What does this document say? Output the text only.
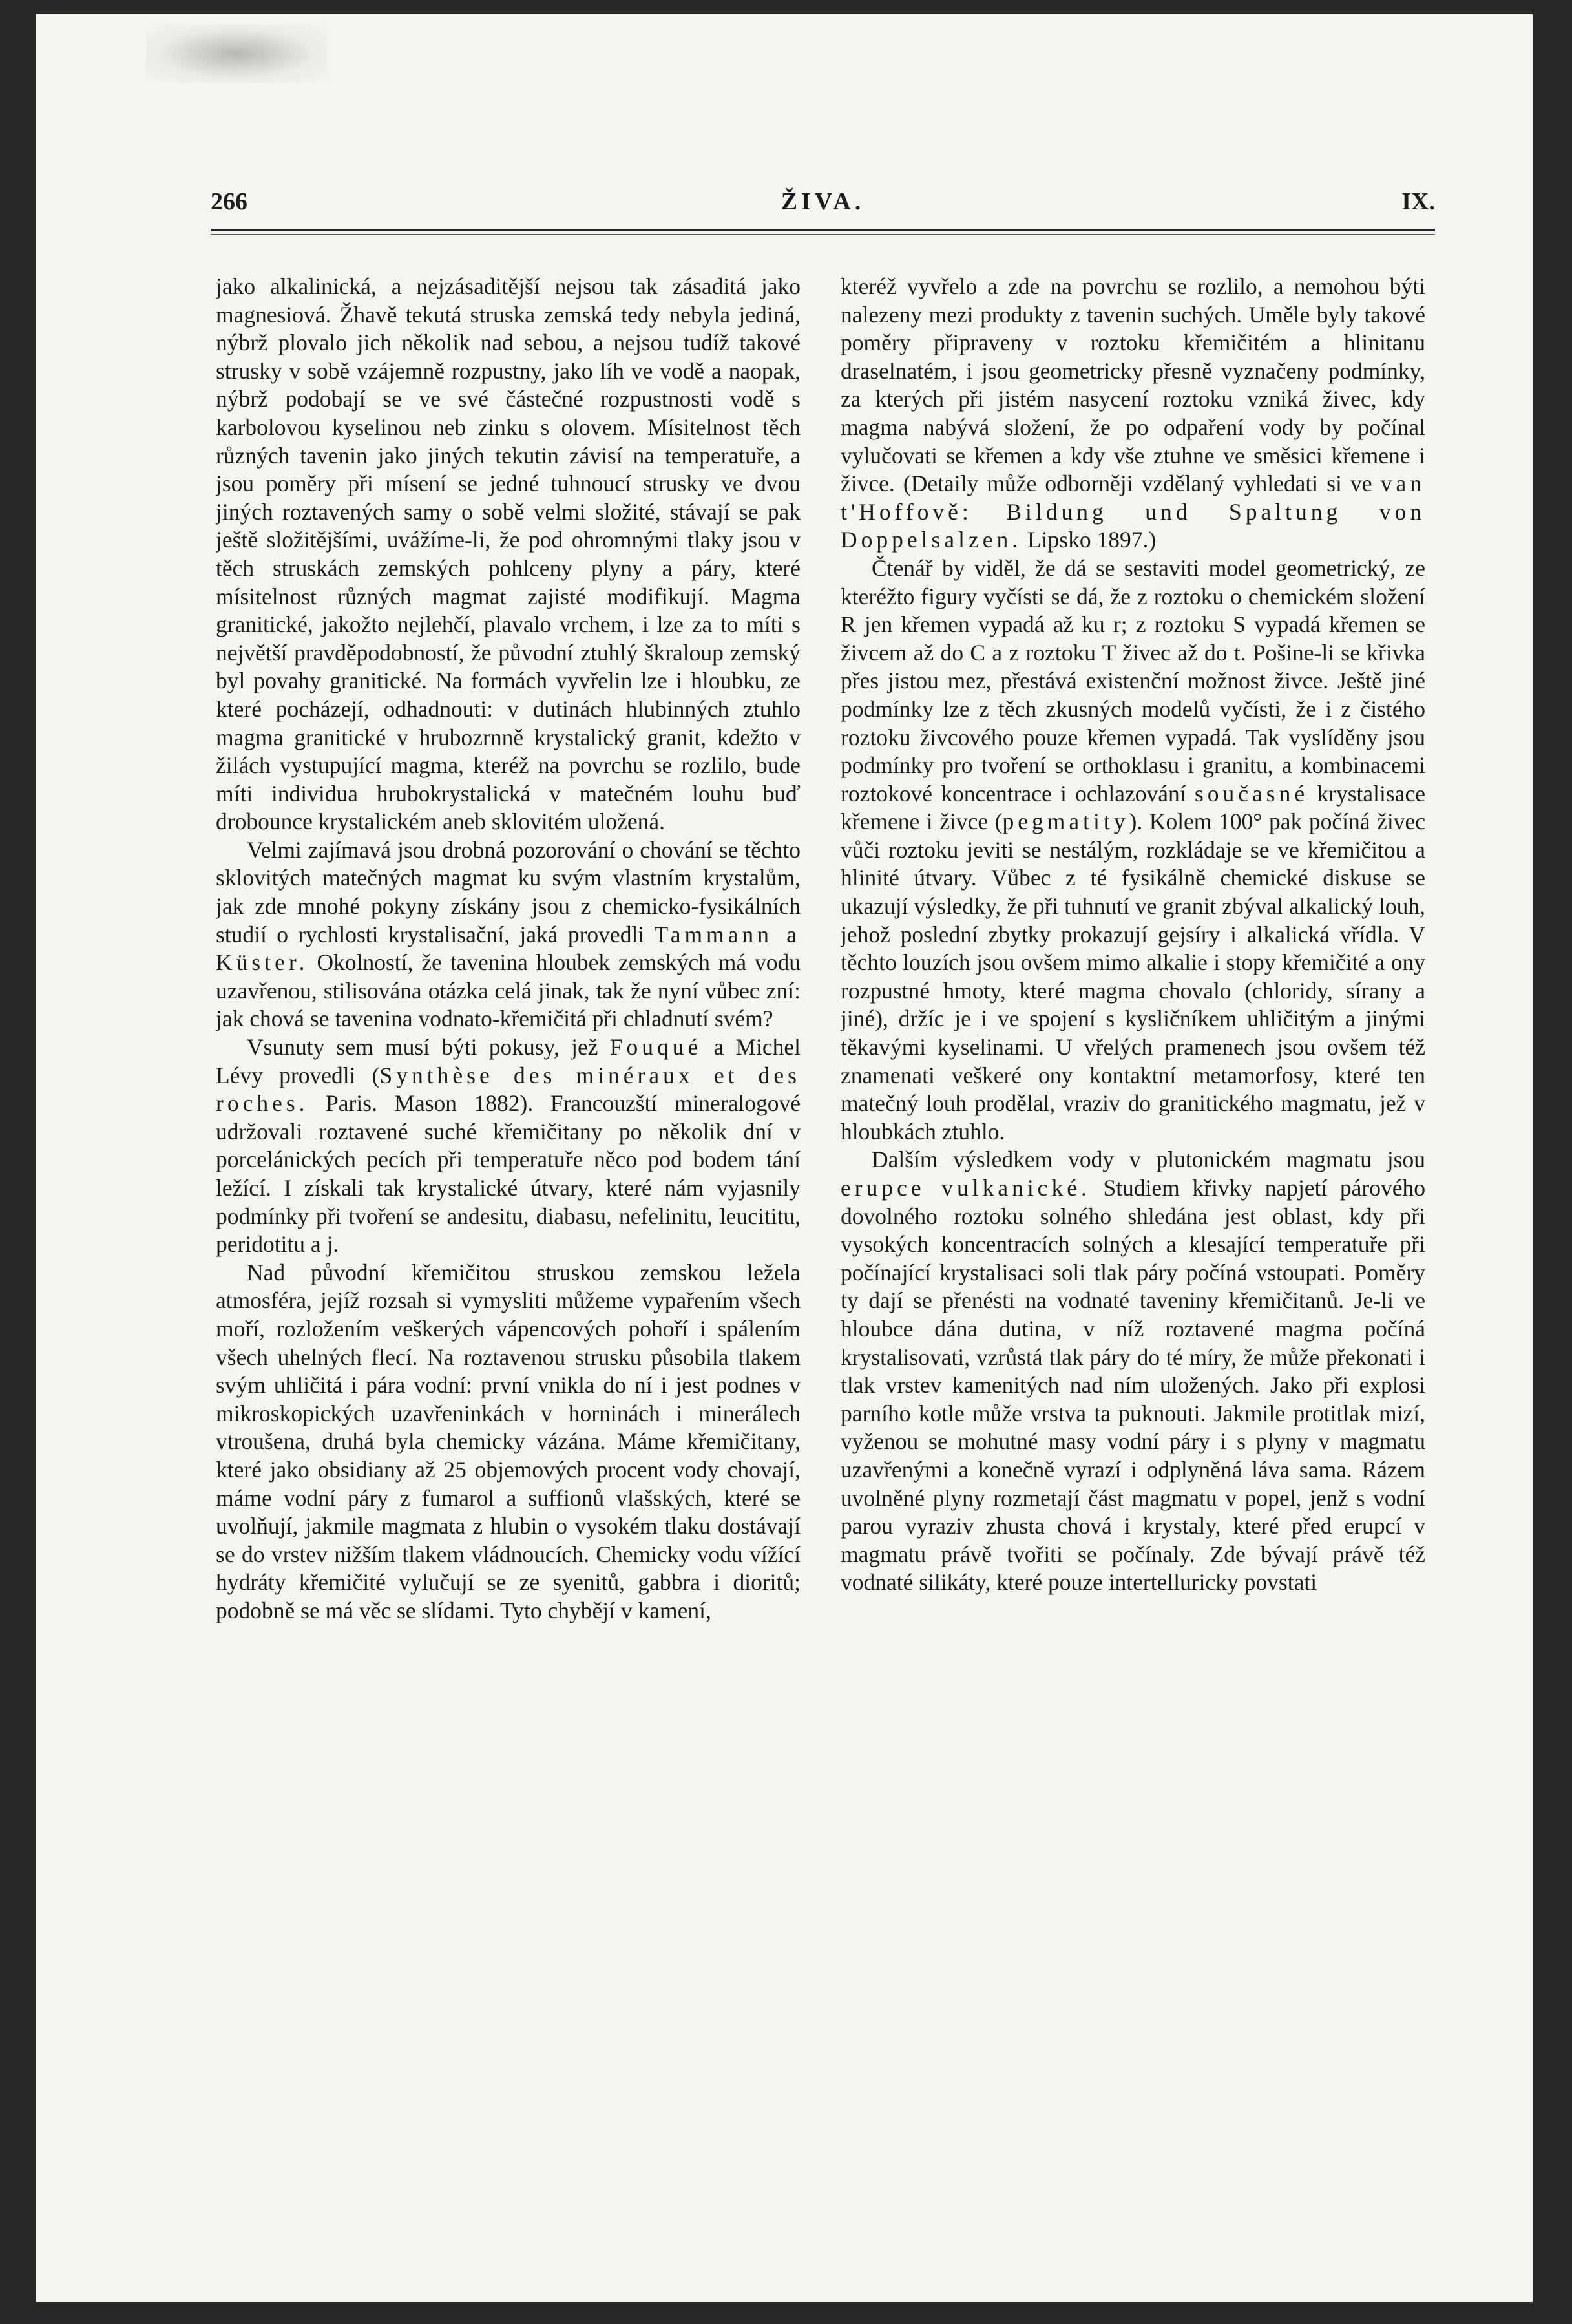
266	ŽIVA.	IX.

jako alkalinická, a nejzásaditější nejsou tak zásaditá jako magnesiová. Žhavě tekutá struska zemská tedy nebyla jediná, nýbrž plovalo jich několik nad sebou, a nejsou tudíž takové strusky v sobě vzájemně rozpustny, jako líh ve vodě a naopak, nýbrž podobají se ve své částečné rozpustnosti vodě s karbolovou kyselinou neb zinku s olovem. Mísitelnost těch různých tavenin jako jiných tekutin závisí na temperatuře, a jsou poměry při mísení se jedné tuhnoucí strusky ve dvou jiných roztavených samy o sobě velmi složité, stávají se pak ještě složitějšími, uvážíme-li, že pod ohromnými tlaky jsou v těch struskách zemských pohlceny plyny a páry, které mísitelnost různých magmat zajisté modifikují. Magma granitické, jakožto nejlehčí, plavalo vrchem, i lze za to míti s největší pravděpodobností, že původní ztuhlý škraloup zemský byl povahy granitické. Na formách vyvřelin lze i hloubku, ze které pocházejí, odhadnouti: v dutinách hlubinných ztuhlo magma granitické v hrubozrnně krystalický granit, kdežto v žilách vystupující magma, kteréž na povrchu se rozlilo, bude míti individua hrubokrystalická v matečném louhu buď drobounce krystalickém aneb sklovitém uložená.

Velmi zajímavá jsou drobná pozorování o chování se těchto sklovitých matečných magmat ku svým vlastním krystalům, jak zde mnohé pokyny získány jsou z chemicko-fysikálních studií o rychlosti krystalisační, jaká provedli Tammann a Küster. Okolností, že tavenina hloubek zemských má vodu uzavřenou, stilisována otázka celá jinak, tak že nyní vůbec zní: jak chová se tavenina vodnato-křemičitá při chladnutí svém?

Vsunuty sem musí býti pokusy, jež Fouqué a Michel Lévy provedli (Synthèse des minéraux et des roches. Paris. Mason 1882). Francouzští mineralogové udržovali roztavené suché křemičitany po několik dní v porcelánických pecích při temperatuře něco pod bodem tání ležící. I získali tak krystalické útvary, které nám vyjasnily podmínky při tvoření se andesitu, diabasu, nefelinitu, leucititu, peridotitu a j.

Nad původní křemičitou struskou zemskou ležela atmosféra, jejíž rozsah si vymysliti můžeme vypařením všech moří, rozložením veškerých vápencových pohoří i spálením všech uhelných flecí. Na roztavenou strusku působila tlakem svým uhličitá i pára vodní: první vnikla do ní i jest podnes v mikroskopických uzavřeninkách v horninách i minerálech vtroušena, druhá byla chemicky vázána. Máme křemičitany, které jako obsidiany až 25 objemových procent vody chovají, máme vodní páry z fumarol a suffionů vlašských, které se uvolňují, jakmile magmata z hlubin o vysokém tlaku dostávají se do vrstev nižším tlakem vládnoucích. Chemicky vodu vížící hydráty křemičité vylučují se ze syenitů, gabbra i dioritů; podobně se má věc se slídami. Tyto chybějí v kamení,

kteréž vyvřelo a zde na povrchu se rozlilo, a nemohou býti nalezeny mezi produkty z tavenin suchých. Uměle byly takové poměry připraveny v roztoku křemičitém a hlinitanu draselnatém, i jsou geometricky přesně vyznačeny podmínky, za kterých při jistém nasycení roztoku vzniká živec, kdy magma nabývá složení, že po odpaření vody by počínal vylučovati se křemen a kdy vše ztuhne ve směsici křemene i živce. (Detaily může odborněji vzdělaný vyhledati si ve van t'Hoffově: Bildung und Spaltung von Doppelsalzen. Lipsko 1897.)

Čtenář by viděl, že dá se sestaviti model geometrický, ze kteréžto figury vyčísti se dá, že z roztoku o chemickém složení R jen křemen vypadá až ku r; z roztoku S vypadá křemen se živcem až do C a z roztoku T živec až do t. Pošine-li se křivka přes jistou mez, přestává existenční možnost živce. Ještě jiné podmínky lze z těch zkusných modelů vyčísti, že i z čistého roztoku živcového pouze křemen vypadá. Tak vyslíděny jsou podmínky pro tvoření se orthoklasu i granitu, a kombinacemi roztokové koncentrace i ochlazování současné krystalisace křemene i živce (pegmatity). Kolem 100° pak počíná živec vůči roztoku jeviti se nestálým, rozkládaje se ve křemičitou a hlinité útvary. Vůbec z té fysikálně chemické diskuse se ukazují výsledky, že při tuhnutí ve granit zbýval alkalický louh, jehož poslední zbytky prokazují gejsíry i alkalická vřídla. V těchto louzích jsou ovšem mimo alkalie i stopy křemičité a ony rozpustné hmoty, které magma chovalo (chloridy, sírany a jiné), držíc je i ve spojení s kysličníkem uhličitým a jinými těkavými kyselinami. U vřelých pramenech jsou ovšem též znamenati veškeré ony kontaktní metamorfosy, které ten matečný louh prodělal, vraziv do granitického magmatu, jež v hloubkách ztuhlo.

Dalším výsledkem vody v plutonickém magmatu jsou erupce vulkanické. Studiem křivky napjetí párového dovolného roztoku solného shledána jest oblast, kdy při vysokých koncentracích solných a klesající temperatuře při počínající krystalisaci soli tlak páry počíná vstoupati. Poměry ty dají se přenésti na vodnaté taveniny křemičitanů. Je-li ve hloubce dána dutina, v níž roztavené magma počíná krystalisovati, vzrůstá tlak páry do té míry, že může překonati i tlak vrstev kamenitých nad ním uložených. Jako při explosi parního kotle může vrstva ta puknouti. Jakmile protitlak mizí, vyženou se mohutné masy vodní páry i s plyny v magmatu uzavřenými a konečně vyrazí i odplyněná láva sama. Rázem uvolněné plyny rozmetají část magmatu v popel, jenž s vodní parou vyraziv zhusta chová i krystaly, které před erupcí v magmatu právě tvořiti se počínaly. Zde bývají právě též vodnaté silikáty, které pouze intertelluricky povstati
